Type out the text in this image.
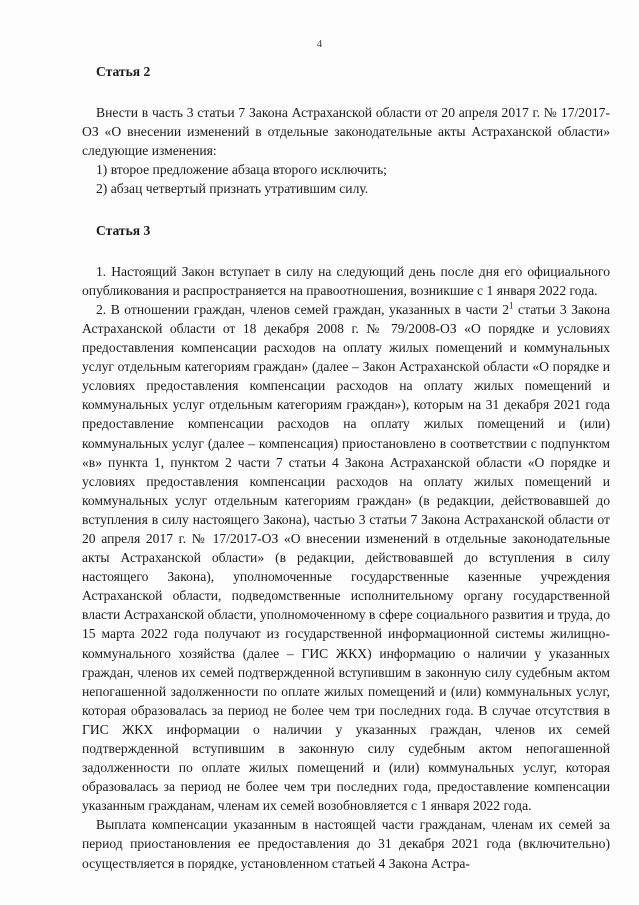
4

Статья 2

Внести в часть 3 статьи 7 Закона Астраханской области от 20 апреля 2017 г. № 17/2017-ОЗ «О внесении изменений в отдельные законодательные акты Астраханской области» следующие изменения:

1) второе предложение абзаца второго исключить;

2) абзац четвертый признать утратившим силу.

Статья 3

1. Настоящий Закон вступает в силу на следующий день после дня его официального опубликования и распространяется на правоотношения, возникшие с 1 января 2022 года.

2. В отношении граждан, членов семей граждан, указанных в части $2^1$ статьи 3 Закона Астраханской области от 18 декабря 2008 г. № 79/2008-ОЗ «О порядке и условиях предоставления компенсации расходов на оплату жилых помещений и коммунальных услуг отдельным категориям граждан» (далее – Закон Астраханской области «О порядке и условиях предоставления компенсации расходов на оплату жилых помещений и коммунальных услуг отдельным категориям граждан»), которым на 31 декабря 2021 года предоставление компенсации расходов на оплату жилых помещений и (или) коммунальных услуг (далее – компенсация) приостановлено в соответствии с подпунктом «в» пункта 1, пунктом 2 части 7 статьи 4 Закона Астраханской области «О порядке и условиях предоставления компенсации расходов на оплату жилых помещений и коммунальных услуг отдельным категориям граждан» (в редакции, действовавшей до вступления в силу настоящего Закона), частью 3 статьи 7 Закона Астраханской области от 20 апреля 2017 г. № 17/2017-ОЗ «О внесении изменений в отдельные законодательные акты Астраханской области» (в редакции, действовавшей до вступления в силу настоящего Закона), уполномоченные государственные казенные учреждения Астраханской области, подведомственные исполнительному органу государственной власти Астраханской области, уполномоченному в сфере социального развития и труда, до 15 марта 2022 года получают из государственной информационной системы жилищно-коммунального хозяйства (далее – ГИС ЖКХ) информацию о наличии у указанных граждан, членов их семей подтвержденной вступившим в законную силу судебным актом непогашенной задолженности по оплате жилых помещений и (или) коммунальных услуг, которая образовалась за период не более чем три последних года. В случае отсутствия в ГИС ЖКХ информации о наличии у указанных граждан, членов их семей подтвержденной вступившим в законную силу судебным актом непогашенной задолженности по оплате жилых помещений и (или) коммунальных услуг, которая образовалась за период не более чем три последних года, предоставление компенсации указанным гражданам, членам их семей возобновляется с 1 января 2022 года.

Выплата компенсации указанным в настоящей части гражданам, членам их семей за период приостановления ее предоставления до 31 декабря 2021 года (включительно) осуществляется в порядке, установленном статьей 4 Закона Астра-
